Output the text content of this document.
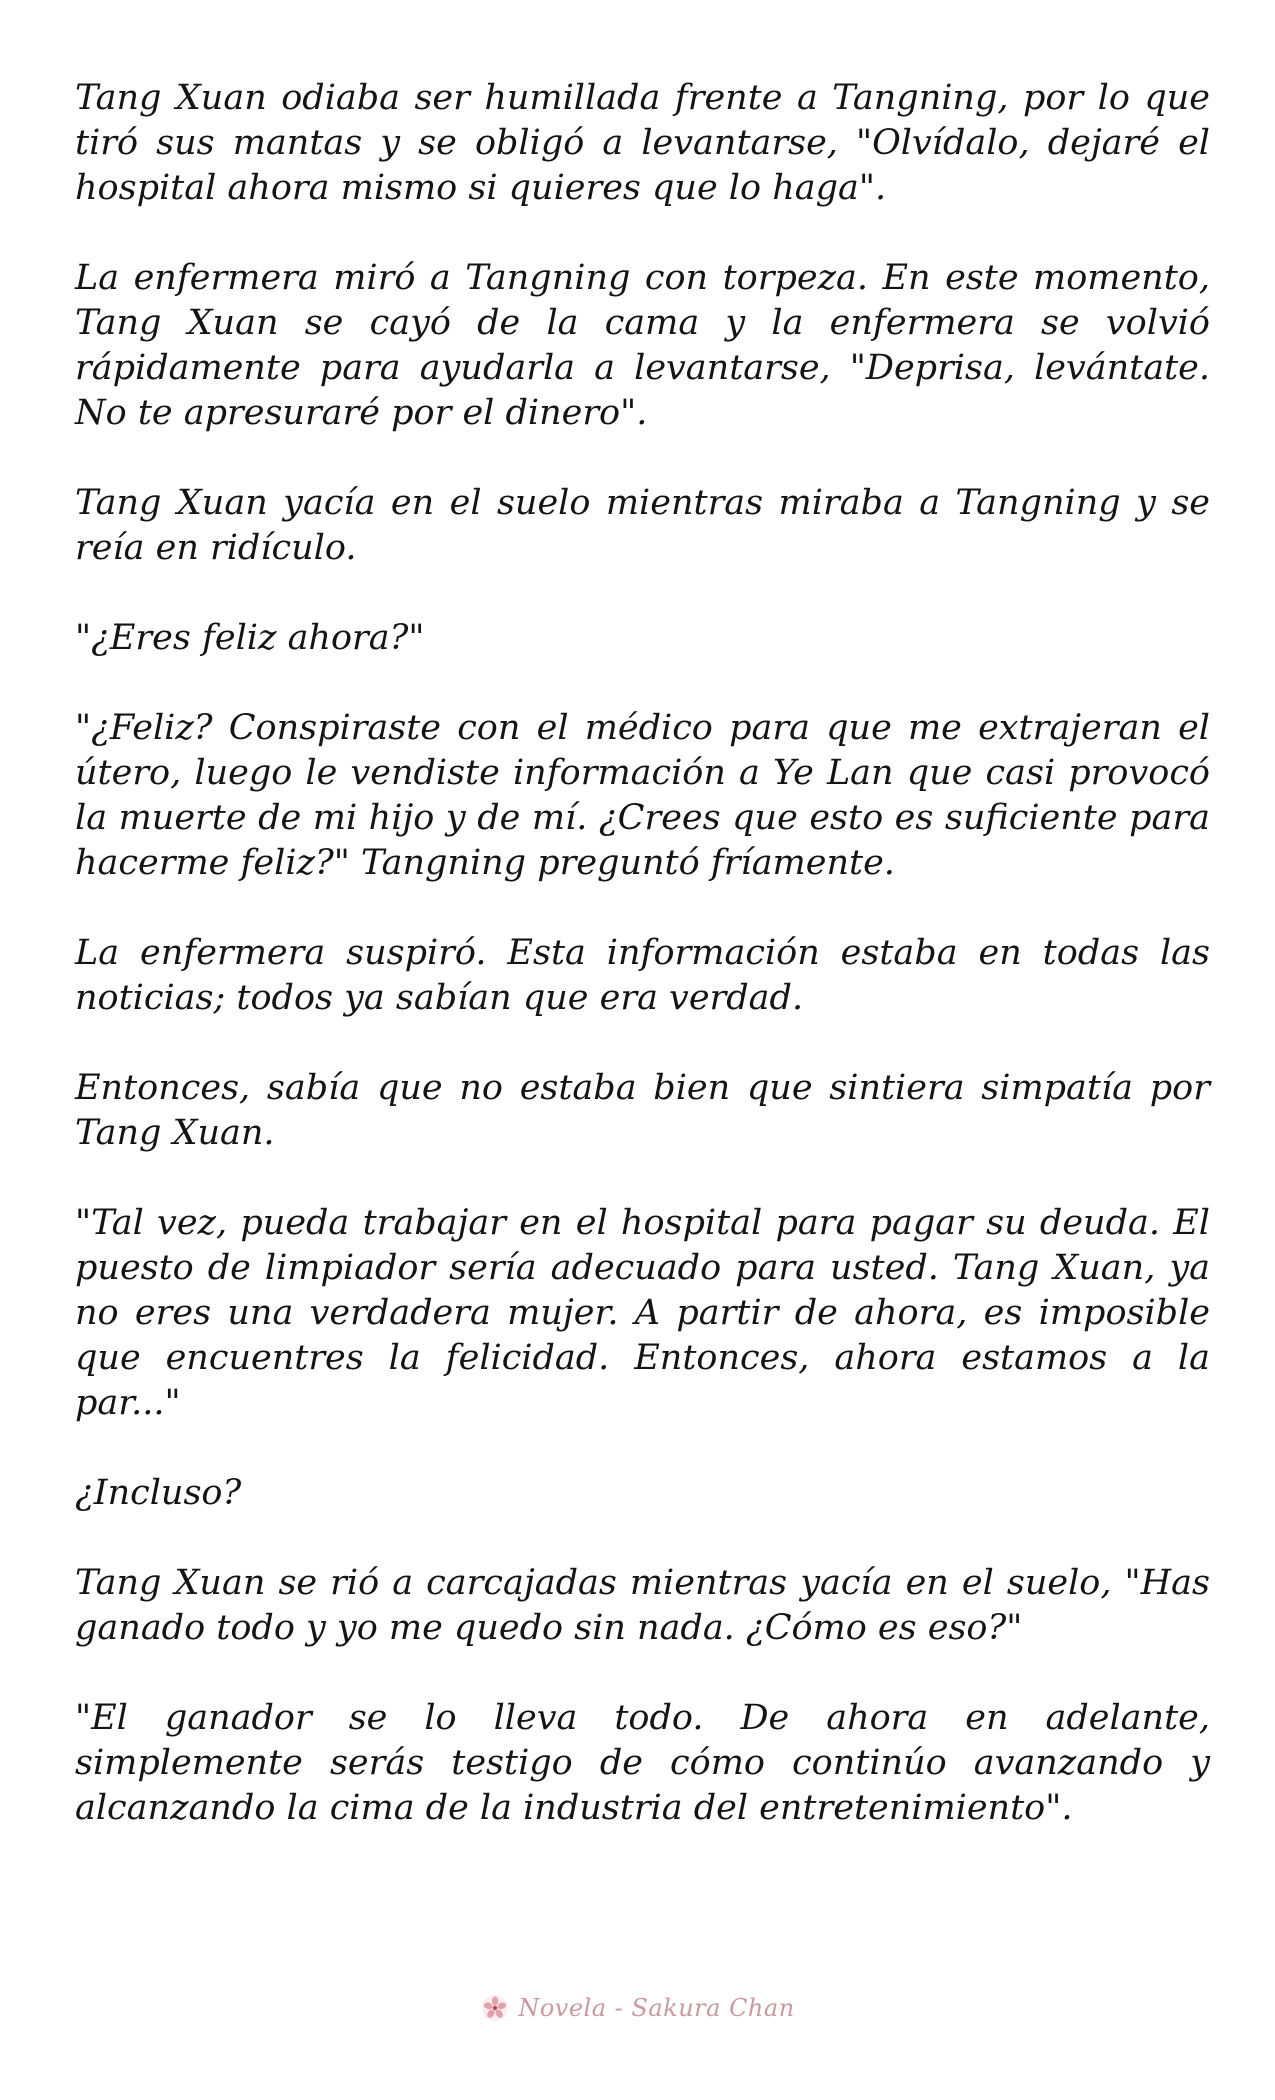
Tang Xuan odiaba ser humillada frente a Tangning, por lo que tiró sus mantas y se obligó a levantarse, "Olvídalo, dejaré el hospital ahora mismo si quieres que lo haga".

La enfermera miró a Tangning con torpeza. En este momento, Tang Xuan se cayó de la cama y la enfermera se volvió rápidamente para ayudarla a levantarse, "Deprisa, levántate. No te apresuraré por el dinero".

Tang Xuan yacía en el suelo mientras miraba a Tangning y se reía en ridículo.

"¿Eres feliz ahora?"

"¿Feliz? Conspiraste con el médico para que me extrajeran el útero, luego le vendiste información a Ye Lan que casi provocó la muerte de mi hijo y de mí. ¿Crees que esto es suficiente para hacerme feliz?" Tangning preguntó fríamente.

La enfermera suspiró. Esta información estaba en todas las noticias; todos ya sabían que era verdad.

Entonces, sabía que no estaba bien que sintiera simpatía por Tang Xuan.

"Tal vez, pueda trabajar en el hospital para pagar su deuda. El puesto de limpiador sería adecuado para usted. Tang Xuan, ya no eres una verdadera mujer. A partir de ahora, es imposible que encuentres la felicidad. Entonces, ahora estamos a la par..."

¿Incluso?

Tang Xuan se rió a carcajadas mientras yacía en el suelo, "Has ganado todo y yo me quedo sin nada. ¿Cómo es eso?"

"El ganador se lo lleva todo. De ahora en adelante, simplemente serás testigo de cómo continúo avanzando y alcanzando la cima de la industria del entretenimiento".

Novela - Sakura Chan
